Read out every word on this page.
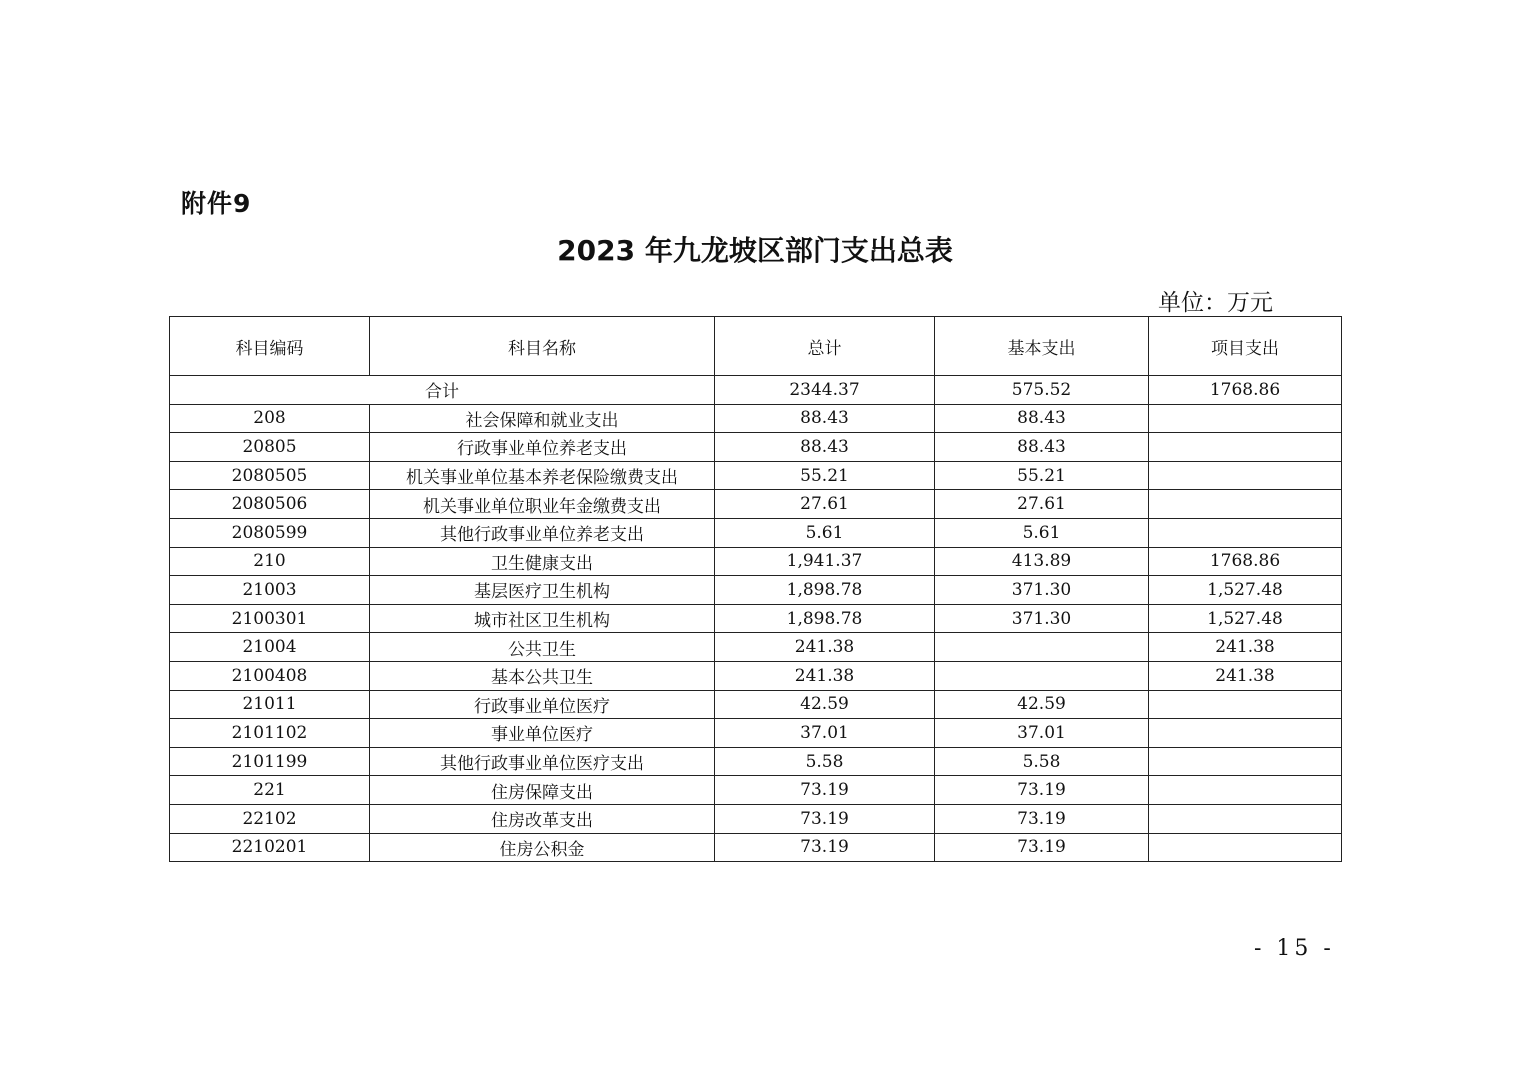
附件9
2023 年九龙坡区部门支出总表
单位：万元
科目编码	科目名称	总计	基本支出	项目支出
合计		2344.37	575.52	1768.86
208	社会保障和就业支出	88.43	88.43	
20805	行政事业单位养老支出	88.43	88.43	
2080505	机关事业单位基本养老保险缴费支出	55.21	55.21	
2080506	机关事业单位职业年金缴费支出	27.61	27.61	
2080599	其他行政事业单位养老支出	5.61	5.61	
210	卫生健康支出	1,941.37	413.89	1768.86
21003	基层医疗卫生机构	1,898.78	371.30	1,527.48
2100301	城市社区卫生机构	1,898.78	371.30	1,527.48
21004	公共卫生	241.38		241.38
2100408	基本公共卫生	241.38		241.38
21011	行政事业单位医疗	42.59	42.59	
2101102	事业单位医疗	37.01	37.01	
2101199	其他行政事业单位医疗支出	5.58	5.58	
221	住房保障支出	73.19	73.19	
22102	住房改革支出	73.19	73.19	
2210201	住房公积金	73.19	73.19	
- 15 -
